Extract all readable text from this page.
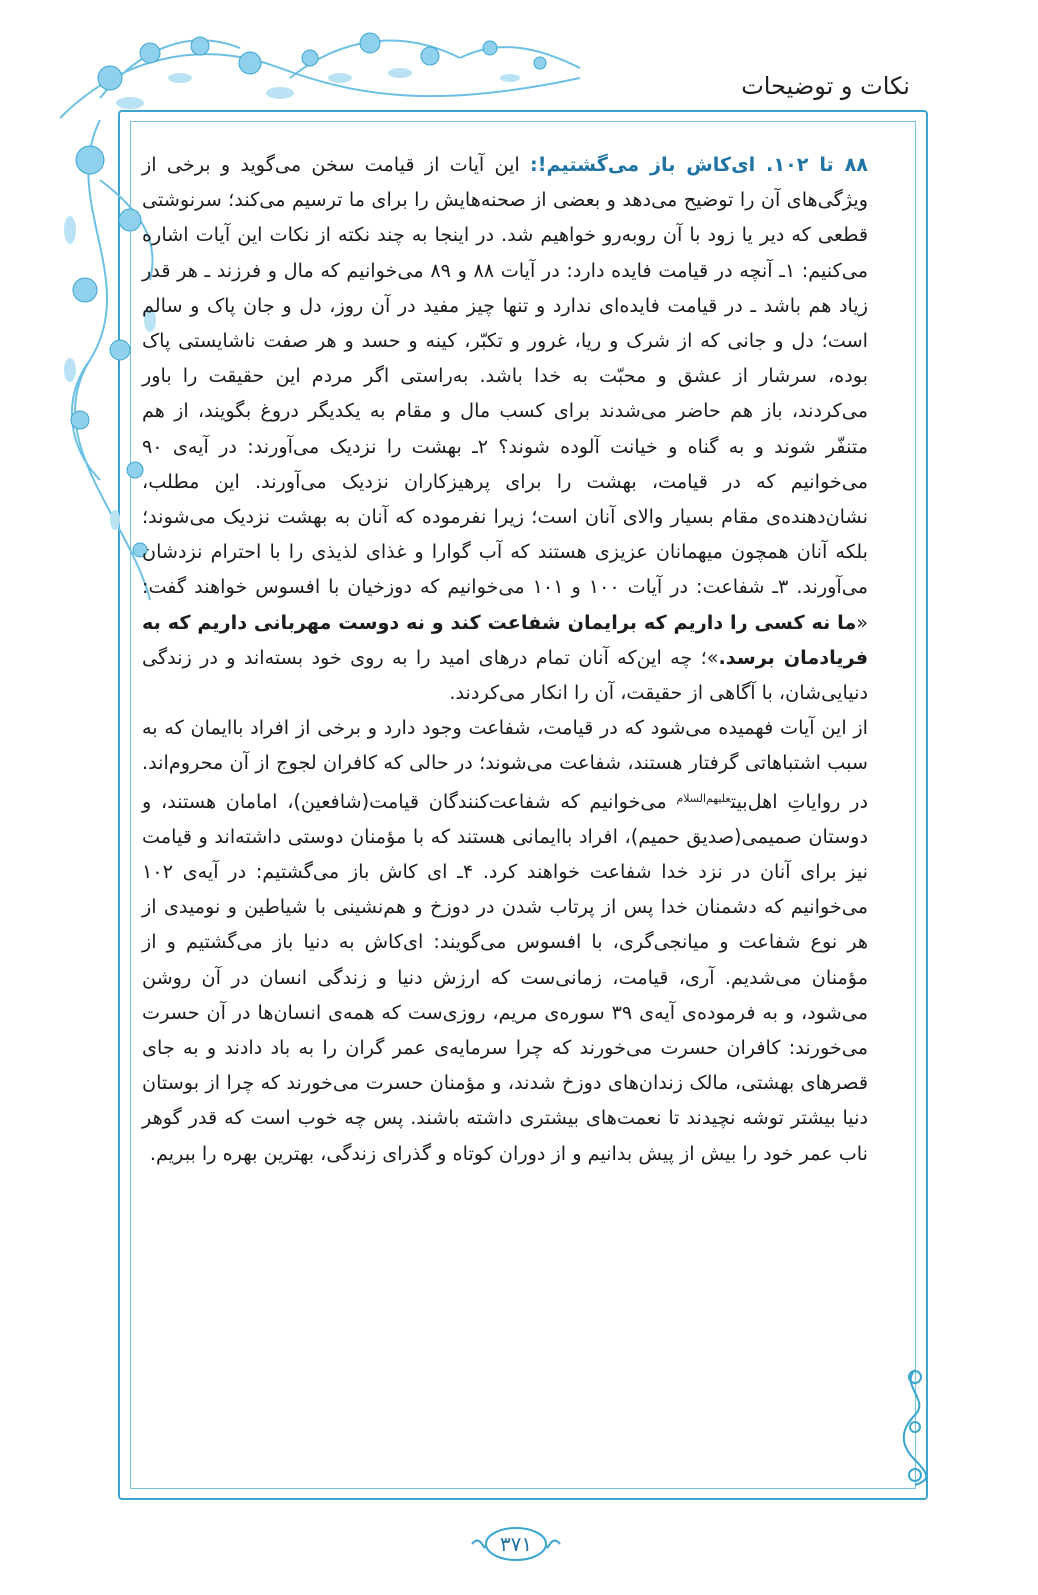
نکات و توضیحات

۸۸ تا ۱۰۲. ای‌کاش باز می‌گشتیم!: این آیات از قیامت سخن می‌گوید و برخی از ویژگی‌های آن را توضیح می‌دهد و بعضی از صحنه‌هایش را برای ما ترسیم می‌کند؛ سرنوشتی قطعی که دیر یا زود با آن روبه‌رو خواهیم شد. در اینجا به چند نکته از نکات این آیات اشاره می‌کنیم: ۱ـ آنچه در قیامت فایده دارد: در آیات ۸۸ و ۸۹ می‌خوانیم که مال و فرزند ـ هر قدر زیاد هم باشد ـ در قیامت فایده‌ای ندارد و تنها چیز مفید در آن روز، دل و جان پاک و سالم است؛ دل و جانی که از شرک و ریا، غرور و تکبّر، کینه و حسد و هر صفت ناشایستی پاک بوده، سرشار از عشق و محبّت به خدا باشد. به‌راستی اگر مردم این حقیقت را باور می‌کردند، باز هم حاضر می‌شدند برای کسب مال و مقام به یکدیگر دروغ بگویند، از هم متنفّر شوند و به گناه و خیانت آلوده شوند؟ ۲ـ بهشت را نزدیک می‌آورند: در آیه‌ی ۹۰ می‌خوانیم که در قیامت، بهشت را برای پرهیزکاران نزدیک می‌آورند. این مطلب، نشان‌دهنده‌ی مقام بسیار والای آنان است؛ زیرا نفرموده که آنان به بهشت نزدیک می‌شوند؛ بلکه آنان همچون میهمانان عزیزی هستند که آب گوارا و غذای لذیذی را با احترام نزدشان می‌آورند. ۳ـ شفاعت: در آیات ۱۰۰ و ۱۰۱ می‌خوانیم که دوزخیان با افسوس خواهند گفت: «ما نه کسی را داریم که برایمان شفاعت کند و نه دوست مهربانی داریم که به فریادمان برسد.»؛ چه این‌که آنان تمام درهای امید را به روی خود بسته‌اند و در زندگی دنیایی‌شان، با آگاهی از حقیقت، آن را انکار می‌کردند.

از این آیات فهمیده می‌شود که در قیامت، شفاعت وجود دارد و برخی از افراد باایمان که به سبب اشتباهاتی گرفتار هستند، شفاعت می‌شوند؛ در حالی که کافران لجوج از آن محروم‌اند. در روایاتِ اهل‌بیت$^{علیهم‌السلام}$ می‌خوانیم که شفاعت‌کنندگان قیامت(شافعین)، امامان هستند، و دوستان صمیمی(صدیق حمیم)، افراد باایمانی هستند که با مؤمنان دوستی داشته‌اند و قیامت نیز برای آنان در نزد خدا شفاعت خواهند کرد. ۴ـ ای کاش باز می‌گشتیم: در آیه‌ی ۱۰۲ می‌خوانیم که دشمنان خدا پس از پرتاب شدن در دوزخ و هم‌نشینی با شیاطین و نومیدی از هر نوع شفاعت و میانجی‌گری، با افسوس می‌گویند: ای‌کاش به دنیا باز می‌گشتیم و از مؤمنان می‌شدیم. آری، قیامت، زمانی‌ست که ارزش دنیا و زندگی انسان در آن روشن می‌شود، و به فرموده‌ی آیه‌ی ۳۹ سوره‌ی مریم، روزی‌ست که همه‌ی انسان‌ها در آن حسرت می‌خورند: کافران حسرت می‌خورند که چرا سرمایه‌ی عمر گران را به باد دادند و به جای قصرهای بهشتی، مالک زندان‌های دوزخ شدند، و مؤمنان حسرت می‌خورند که چرا از بوستان دنیا بیشتر توشه نچیدند تا نعمت‌های بیشتری داشته باشند. پس چه خوب است که قدر گوهر ناب عمر خود را بیش از پیش بدانیم و از دوران کوتاه و گذرای زندگی، بهترین بهره را ببریم.

۳۷۱
